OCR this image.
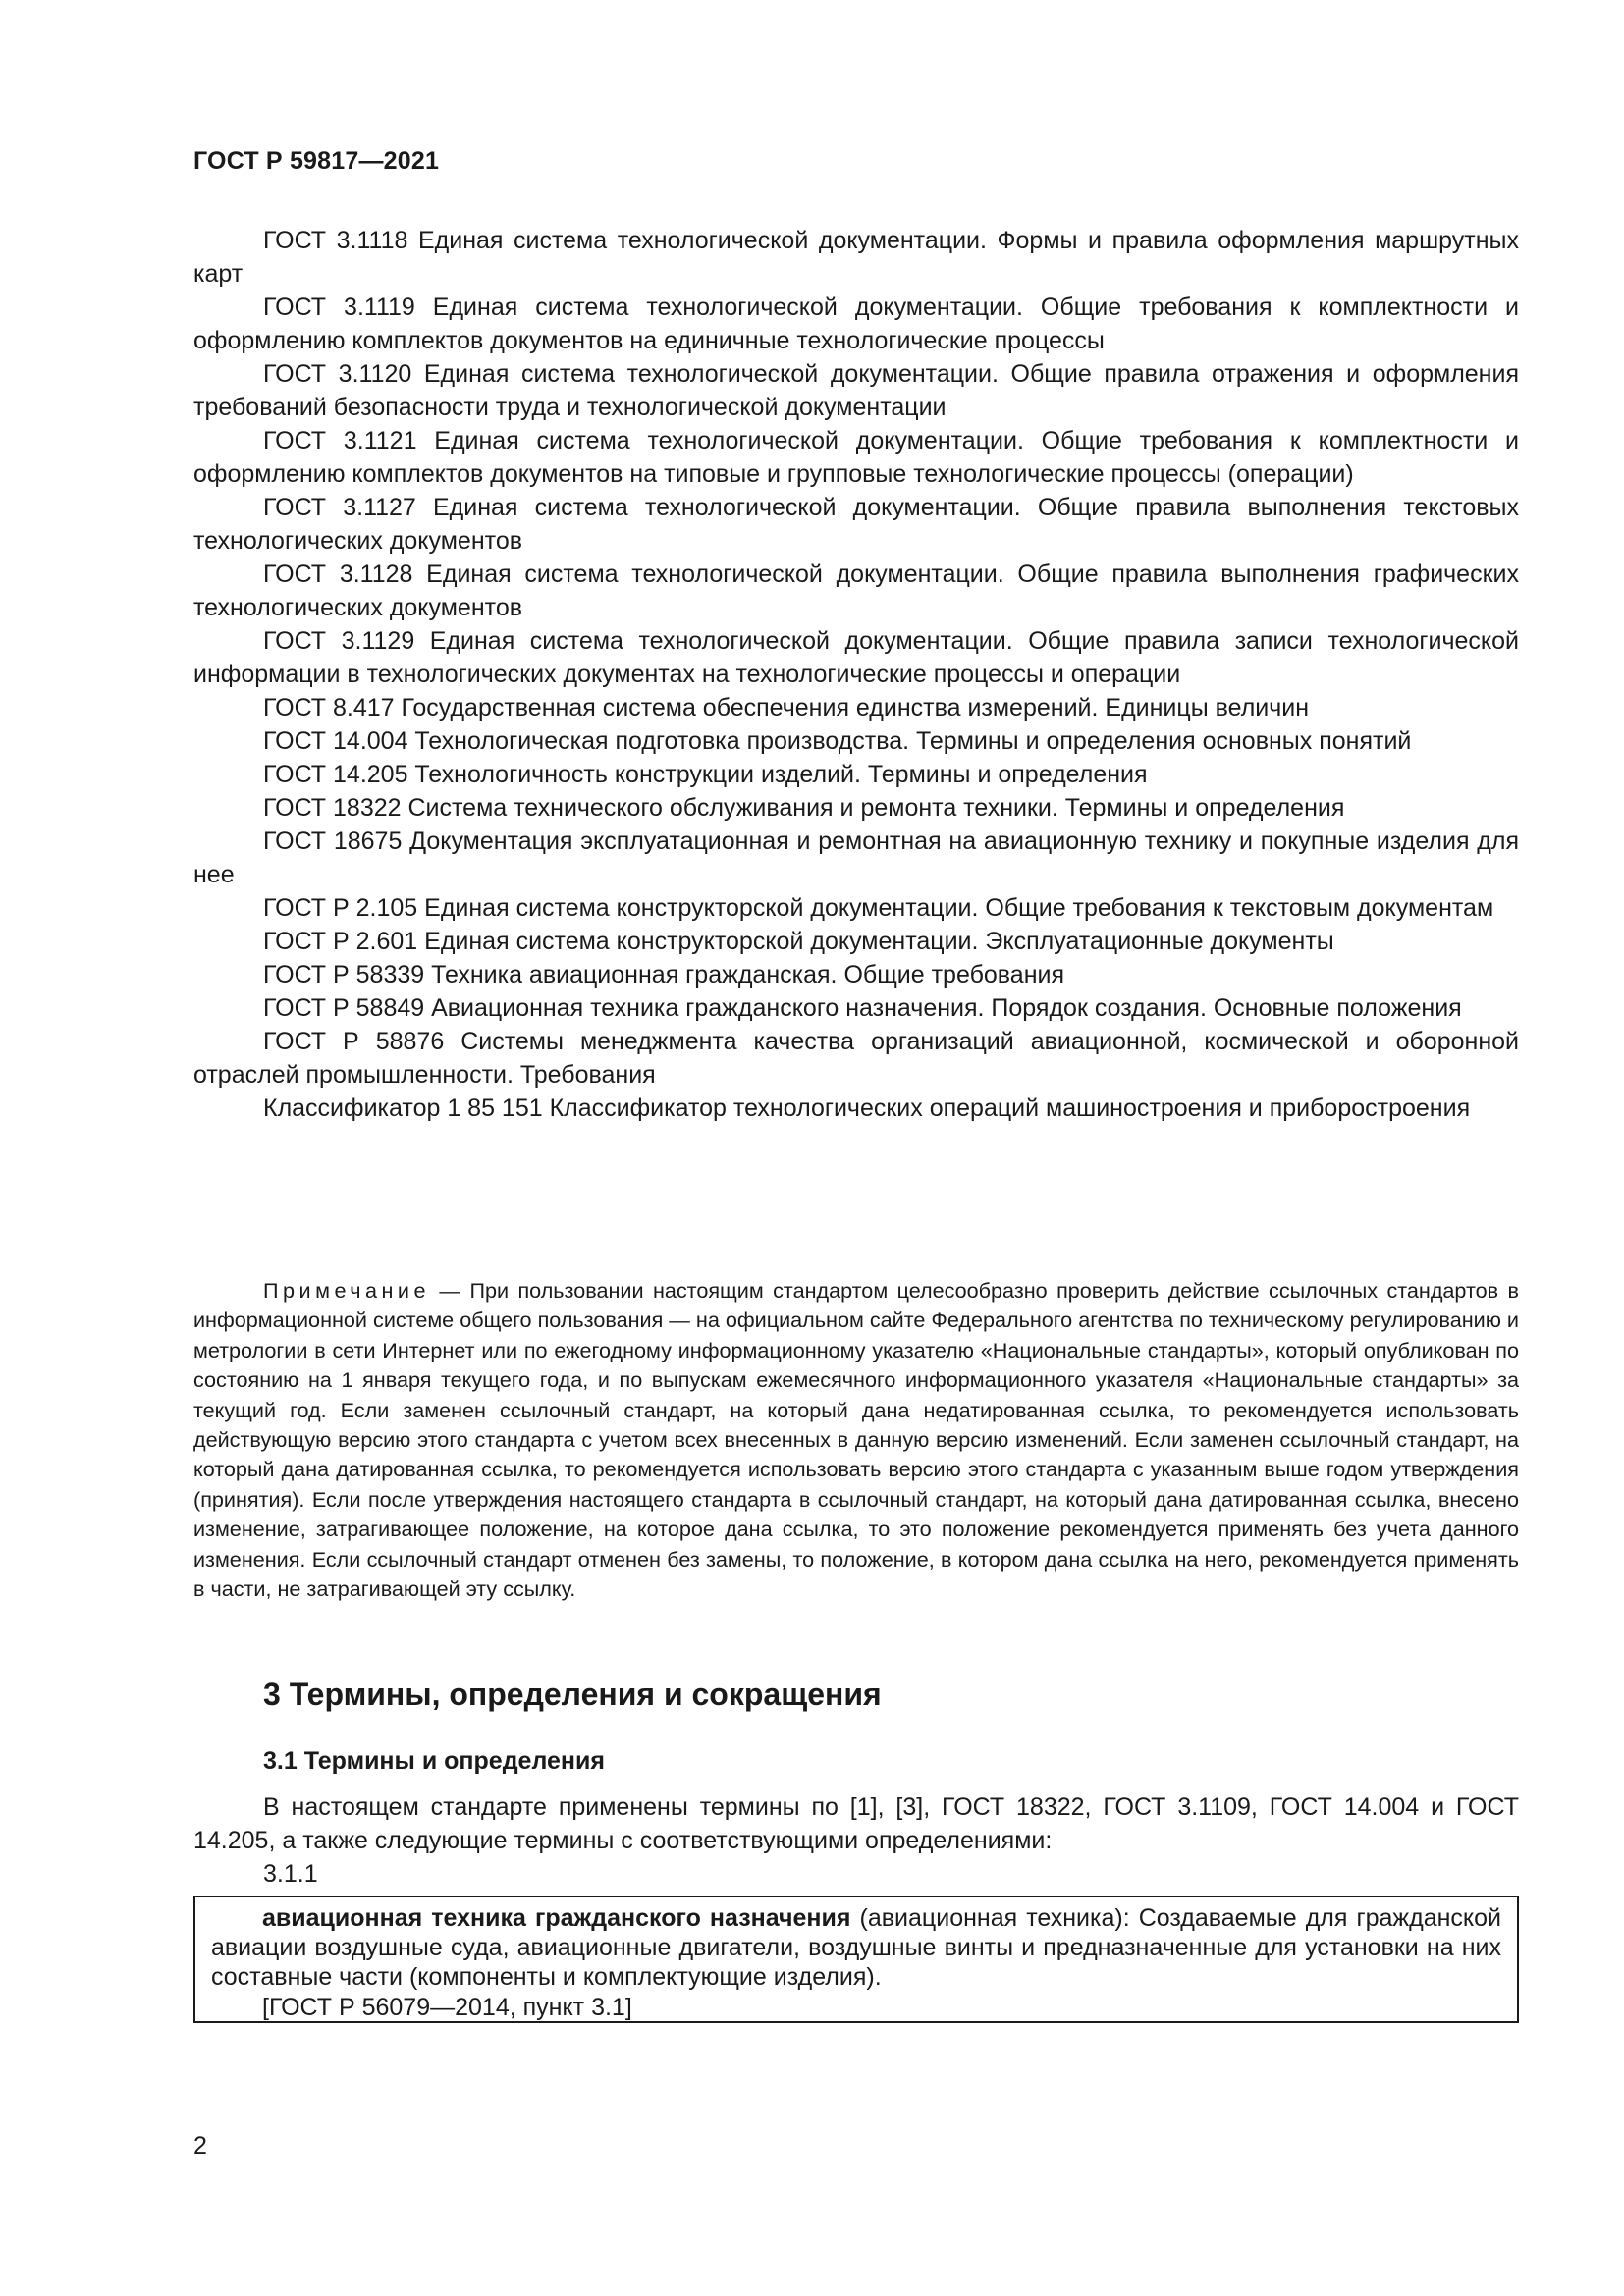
ГОСТ Р 59817—2021

ГОСТ 3.1118 Единая система технологической документации. Формы и правила оформления маршрутных карт

ГОСТ 3.1119 Единая система технологической документации. Общие требования к комплектности и оформлению комплектов документов на единичные технологические процессы

ГОСТ 3.1120 Единая система технологической документации. Общие правила отражения и оформления требований безопасности труда и технологической документации

ГОСТ 3.1121 Единая система технологической документации. Общие требования к комплектности и оформлению комплектов документов на типовые и групповые технологические процессы (операции)

ГОСТ 3.1127 Единая система технологической документации. Общие правила выполнения текстовых технологических документов

ГОСТ 3.1128 Единая система технологической документации. Общие правила выполнения графических технологических документов

ГОСТ 3.1129 Единая система технологической документации. Общие правила записи технологической информации в технологических документах на технологические процессы и операции

ГОСТ 8.417 Государственная система обеспечения единства измерений. Единицы величин

ГОСТ 14.004 Технологическая подготовка производства. Термины и определения основных понятий

ГОСТ 14.205 Технологичность конструкции изделий. Термины и определения

ГОСТ 18322 Система технического обслуживания и ремонта техники. Термины и определения

ГОСТ 18675 Документация эксплуатационная и ремонтная на авиационную технику и покупные изделия для нее

ГОСТ Р 2.105 Единая система конструкторской документации. Общие требования к текстовым документам

ГОСТ Р 2.601 Единая система конструкторской документации. Эксплуатационные документы

ГОСТ Р 58339 Техника авиационная гражданская. Общие требования

ГОСТ Р 58849 Авиационная техника гражданского назначения. Порядок создания. Основные положения

ГОСТ Р 58876 Системы менеджмента качества организаций авиационной, космической и оборонной отраслей промышленности. Требования

Классификатор 1 85 151 Классификатор технологических операций машиностроения и приборостроения

Примечание — При пользовании настоящим стандартом целесообразно проверить действие ссылочных стандартов в информационной системе общего пользования — на официальном сайте Федерального агентства по техническому регулированию и метрологии в сети Интернет или по ежегодному информационному указателю «Национальные стандарты», который опубликован по состоянию на 1 января текущего года, и по выпускам ежемесячного информационного указателя «Национальные стандарты» за текущий год. Если заменен ссылочный стандарт, на который дана недатированная ссылка, то рекомендуется использовать действующую версию этого стандарта с учетом всех внесенных в данную версию изменений. Если заменен ссылочный стандарт, на который дана датированная ссылка, то рекомендуется использовать версию этого стандарта с указанным выше годом утверждения (принятия). Если после утверждения настоящего стандарта в ссылочный стандарт, на который дана датированная ссылка, внесено изменение, затрагивающее положение, на которое дана ссылка, то это положение рекомендуется применять без учета данного изменения. Если ссылочный стандарт отменен без замены, то положение, в котором дана ссылка на него, рекомендуется применять в части, не затрагивающей эту ссылку.

3 Термины, определения и сокращения
3.1 Термины и определения

В настоящем стандарте применены термины по [1], [3], ГОСТ 18322, ГОСТ 3.1109, ГОСТ 14.004 и ГОСТ 14.205, а также следующие термины с соответствующими определениями:

3.1.1

авиационная техника гражданского назначения (авиационная техника): Создаваемые для гражданской авиации воздушные суда, авиационные двигатели, воздушные винты и предназначенные для установки на них составные части (компоненты и комплектующие изделия).

[ГОСТ Р 56079—2014, пункт 3.1]

2
